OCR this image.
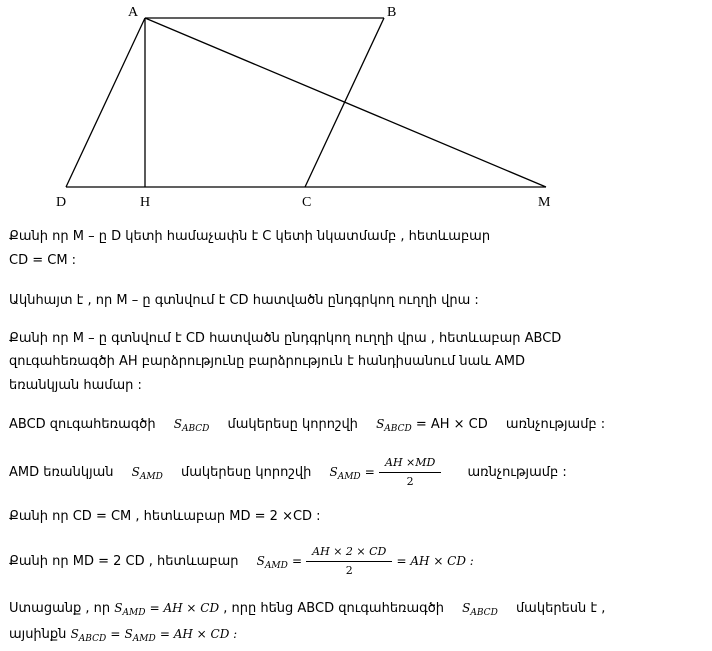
A	B
D	H	C	M
Քանի որ M – ը D կետի համաչափն է C կետի նկատմամբ , հետևաբար
CD = CM :
Ակնհայտ է , որ M – ը գտնվում է CD հատվածն ընդգրկող ուղղի վրա :
Քանի որ M – ը գտնվում է CD հատվածն ընդգրկող ուղղի վրա , հետևաբար ABCD
զուգահեռագծի AH բարձրությունը բարձրություն է հանդիսանում նաև AMD
եռանկյան համար :
ABCD զուգահեռագծի $S_{ABCD}$ մակերեսը կորոշվի $S_{ABCD}$ = AH × CD առնչությամբ :
AMD եռանկյան $S_{AMD}$ մակերեսը կորոշվի $S_{AMD} = \frac{AH \times MD}{2}$ առնչությամբ :
Քանի որ CD = CM , հետևաբար MD = 2 ×CD :
Քանի որ MD = 2 CD , հետևաբար $S_{AMD} = \frac{AH \times 2 \times CD}{2}$ = AH × CD :
Ստացանք , որ $S_{AMD}$ = AH × CD , որը հենց ABCD զուգահեռագծի $S_{ABCD}$ մակերեսն է ,
այսինքն $S_{ABCD} = S_{AMD}$ = AH × CD :
